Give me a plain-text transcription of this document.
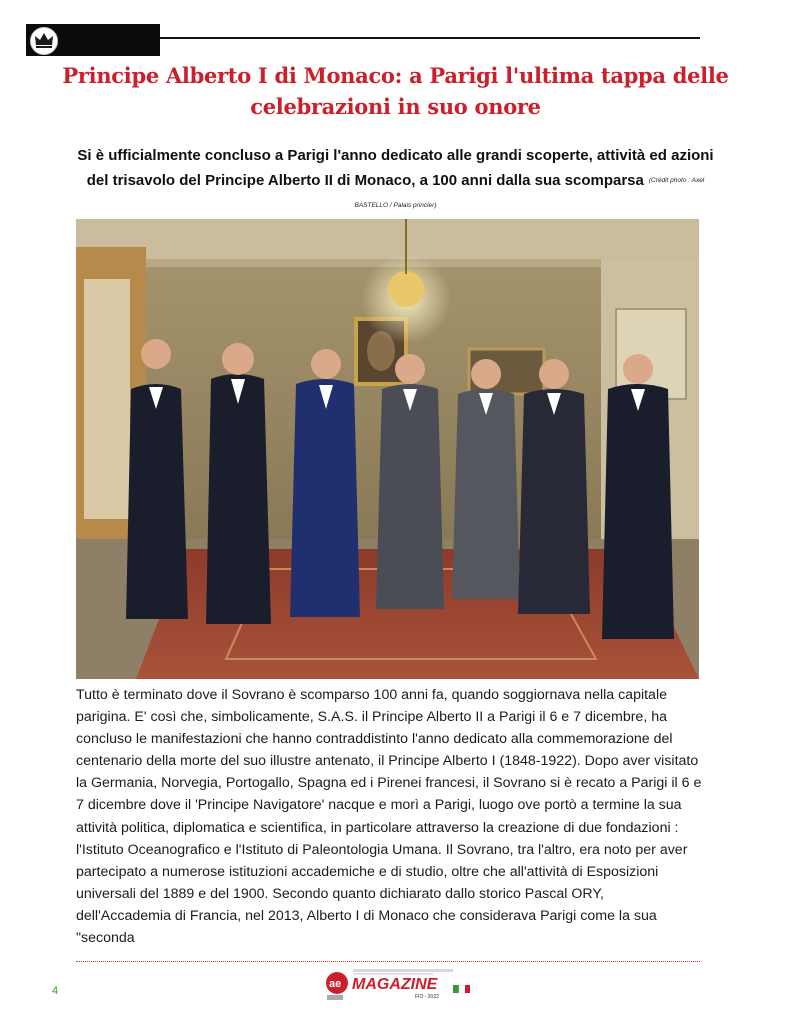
Principe Alberto I di Monaco: a Parigi l'ultima tappa delle celebrazioni in suo onore

Si è ufficialmente concluso a Parigi l'anno dedicato alle grandi scoperte, attività ed azioni del trisavolo del Principe Alberto II di Monaco, a 100 anni dalla sua scomparsa $^{(Crédit photo : Axel BASTELLO / Palais princier)}$

Tutto è terminato dove il Sovrano è scomparso 100 anni fa, quando soggiornava nella capitale parigina. E' così che, simbolicamente, S.A.S. il Principe Alberto II a Parigi il 6 e 7 dicembre, ha concluso le manifestazioni che hanno contraddistinto l'anno dedicato alla commemorazione del centenario della morte del suo illustre antenato, il Principe Alberto I (1848-1922). Dopo aver visitato la Germania, Norvegia, Portogallo, Spagna ed i Pirenei francesi, il Sovrano si è recato a Parigi il 6 e 7 dicembre dove il 'Principe Navigatore' nacque e morì a Parigi, luogo ove portò a termine la sua attività politica, diplomatica e scientifica, in particolare attraverso la creazione di due fondazioni : l'Istituto Oceanografico e l'Istituto di Paleontologia Umana. Il Sovrano, tra l'altro, era noto per aver partecipato a numerose istituzioni accademiche e di studio, oltre che all'attività di Esposizioni universali del 1889 e del 1900. Secondo quanto dichiarato dallo storico Pascal ORY, dell'Accademia di Francia, nel 2013, Alberto I di Monaco che considerava Parigi come la sua "seconda

4
ae MAGAZINE
FIO - 2022
